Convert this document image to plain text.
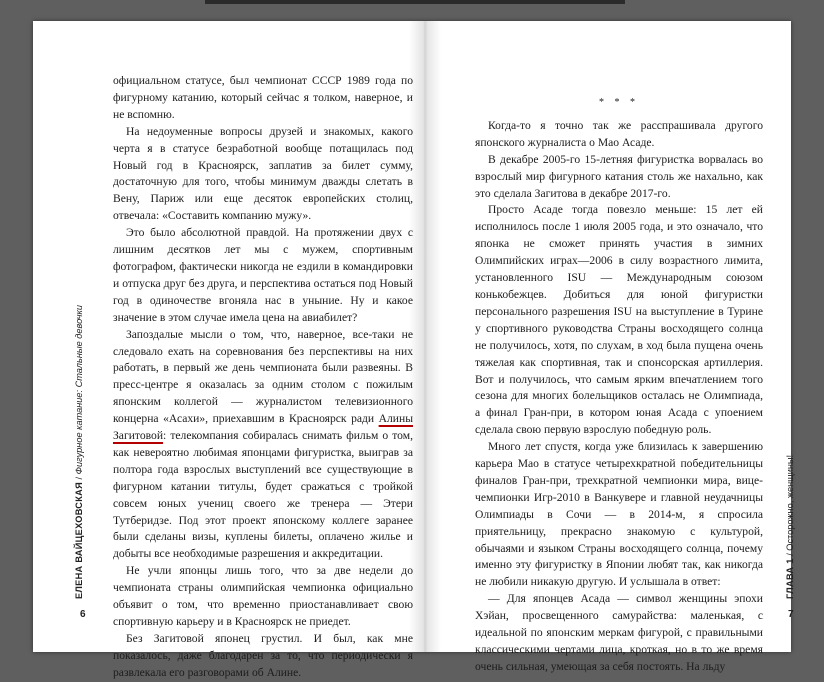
ЕЛЕНА ВАЙЦЕХОВСКАЯ / Фигурное катание: Стальные девочки
6

официальном статусе, был чемпионат СССР 1989 года по фигурному катанию, который сейчас я толком, наверное, и не вспомню.

На недоуменные вопросы друзей и знакомых, какого черта я в статусе безработной вообще потащилась под Новый год в Красноярск, заплатив за билет сумму, достаточную для того, чтобы минимум дважды слетать в Вену, Париж или еще десяток европейских столиц, отвечала: «Составить компанию мужу».

Это было абсолютной правдой. На протяжении двух с лишним десятков лет мы с мужем, спортивным фотографом, фактически никогда не ездили в командировки и отпуска друг без друга, и перспектива остаться под Новый год в одиночестве вгоняла нас в уныние. Ну и какое значение в этом случае имела цена на авиабилет?

Запоздалые мысли о том, что, наверное, все-таки не следовало ехать на соревнования без перспективы на них работать, в первый же день чемпионата были развеяны. В пресс-центре я оказалась за одним столом с пожилым японским коллегой — журналистом телевизионного концерна «Асахи», приехавшим в Красноярск ради Алины Загитовой: телекомпания собиралась снимать фильм о том, как невероятно любимая японцами фигуристка, выиграв за полтора года взрослых выступлений все существующие в фигурном катании титулы, будет сражаться с тройкой совсем юных учениц своего же тренера — Этери Тутберидзе. Под этот проект японскому коллеге заранее были сделаны визы, куплены билеты, оплачено жилье и добыты все необходимые разрешения и аккредитации.

Не учли японцы лишь того, что за две недели до чемпионата страны олимпийская чемпионка официально объявит о том, что временно приостанавливает свою спортивную карьеру и в Красноярск не приедет.

Без Загитовой японец грустил. И был, как мне показалось, даже благодарен за то, что периодически я развлекала его разговорами об Алине.

* * *

Когда-то я точно так же расспрашивала другого японского журналиста о Мао Асаде.

В декабре 2005-го 15-летняя фигуристка ворвалась во взрослый мир фигурного катания столь же нахально, как это сделала Загитова в декабре 2017-го.

Просто Асаде тогда повезло меньше: 15 лет ей исполнилось после 1 июля 2005 года, и это означало, что японка не сможет принять участия в зимних Олимпийских играх—2006 в силу возрастного лимита, установленного ISU — Международным союзом конькобежцев. Добиться для юной фигуристки персонального разрешения ISU на выступление в Турине у спортивного руководства Страны восходящего солнца не получилось, хотя, по слухам, в ход была пущена очень тяжелая как спортивная, так и спонсорская артиллерия. Вот и получилось, что самым ярким впечатлением того сезона для многих болельщиков осталась не Олимпиада, а финал Гран-при, в котором юная Асада с упоением сделала свою первую взрослую победную роль.

Много лет спустя, когда уже близилась к завершению карьера Мао в статусе четырехкратной победительницы финалов Гран-при, трехкратной чемпионки мира, вице-чемпионки Игр-2010 в Ванкувере и главной неудачницы Олимпиады в Сочи — в 2014-м, я спросила приятельницу, прекрасно знакомую с культурой, обычаями и языком Страны восходящего солнца, почему именно эту фигуристку в Японии любят так, как никогда не любили никакую другую. И услышала в ответ:

— Для японцев Асада — символ женщины эпохи Хэйан, просвещенного самурайства: маленькая, с идеальной по японским меркам фигурой, с правильными классическими чертами лица, кроткая, но в то же время очень сильная, умеющая за себя постоять. На льду

ГЛАВА 1 / Осторожно, женщины!
7
